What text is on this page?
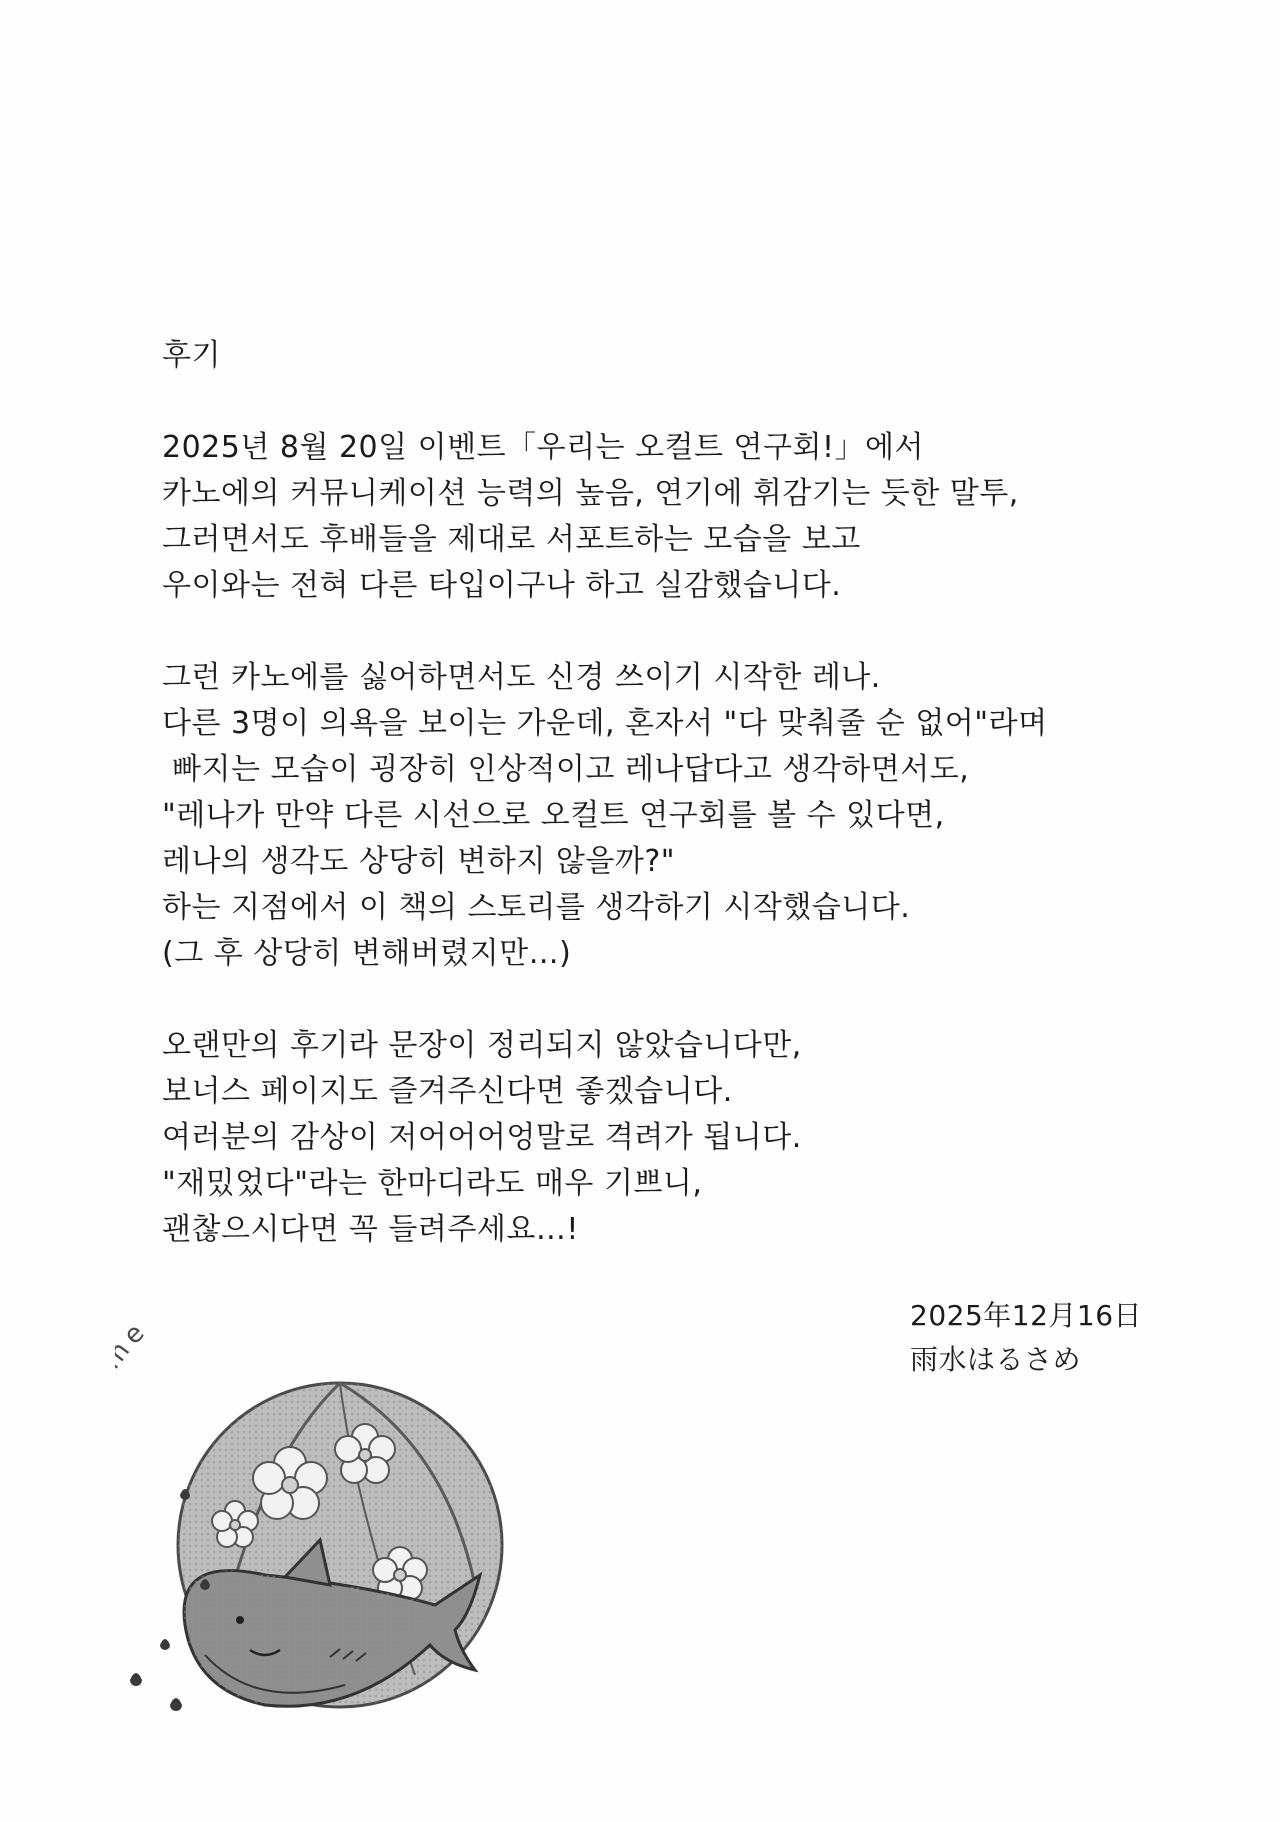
후기
2025년 8월 20일 이벤트「우리는 오컬트 연구회!」에서
카노에의 커뮤니케이션 능력의 높음, 연기에 휘감기는 듯한 말투,
그러면서도 후배들을 제대로 서포트하는 모습을 보고
우이와는 전혀 다른 타입이구나 하고 실감했습니다.
그런 카노에를 싫어하면서도 신경 쓰이기 시작한 레나.
다른 3명이 의욕을 보이는 가운데, 혼자서 "다 맞춰줄 순 없어"라며
빠지는 모습이 굉장히 인상적이고 레나답다고 생각하면서도,
"레나가 만약 다른 시선으로 오컬트 연구회를 볼 수 있다면,
레나의 생각도 상당히 변하지 않을까?"
하는 지점에서 이 책의 스토리를 생각하기 시작했습니다.
(그 후 상당히 변해버렸지만…)
오랜만의 후기라 문장이 정리되지 않았습니다만,
보너스 페이지도 즐겨주신다면 좋겠습니다.
여러분의 감상이 저어어어엉말로 격려가 됩니다.
"재밌었다"라는 한마디라도 매우 기쁘니,
괜찮으시다면 꼭 들려주세요…!
2025年12月16日
雨水はるさめ
e
